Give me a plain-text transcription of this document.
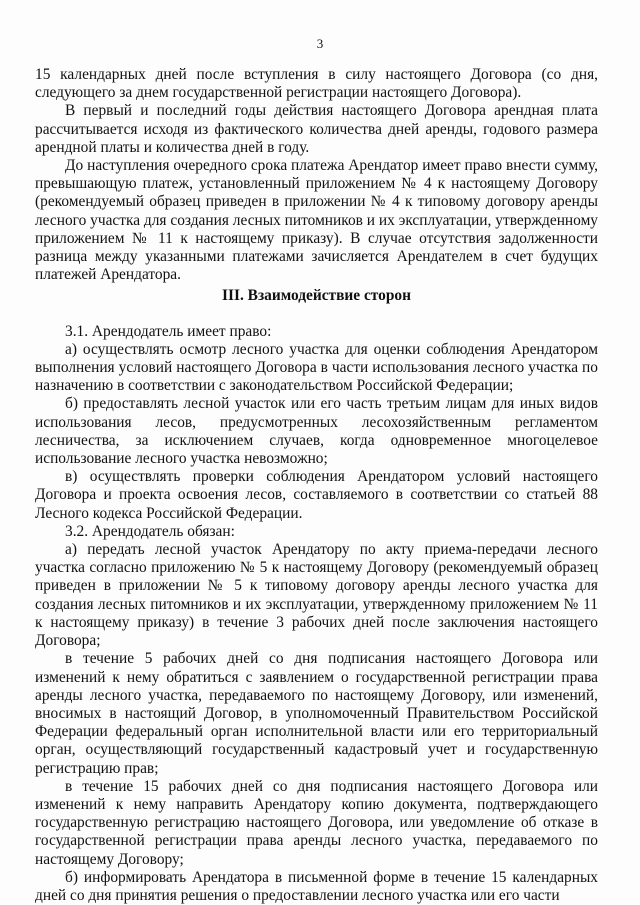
3

15 календарных дней после вступления в силу настоящего Договора (со дня, следующего за днем государственной регистрации настоящего Договора).

В первый и последний годы действия настоящего Договора арендная плата рассчитывается исходя из фактического количества дней аренды, годового размера арендной платы и количества дней в году.

До наступления очередного срока платежа Арендатор имеет право внести сумму, превышающую платеж, установленный приложением № 4 к настоящему Договору (рекомендуемый образец приведен в приложении № 4 к типовому договору аренды лесного участка для создания лесных питомников и их эксплуатации, утвержденному приложением № 11 к настоящему приказу). В случае отсутствия задолженности разница между указанными платежами зачисляется Арендателем в счет будущих платежей Арендатора.

III. Взаимодействие сторон

3.1. Арендодатель имеет право:

а) осуществлять осмотр лесного участка для оценки соблюдения Арендатором выполнения условий настоящего Договора в части использования лесного участка по назначению в соответствии с законодательством Российской Федерации;

б) предоставлять лесной участок или его часть третьим лицам для иных видов использования лесов, предусмотренных лесохозяйственным регламентом лесничества, за исключением случаев, когда одновременное многоцелевое использование лесного участка невозможно;

в) осуществлять проверки соблюдения Арендатором условий настоящего Договора и проекта освоения лесов, составляемого в соответствии со статьей 88 Лесного кодекса Российской Федерации.

3.2. Арендодатель обязан:

а) передать лесной участок Арендатору по акту приема-передачи лесного участка согласно приложению № 5 к настоящему Договору (рекомендуемый образец приведен в приложении № 5 к типовому договору аренды лесного участка для создания лесных питомников и их эксплуатации, утвержденному приложением № 11 к настоящему приказу) в течение 3 рабочих дней после заключения настоящего Договора;

в течение 5 рабочих дней со дня подписания настоящего Договора или изменений к нему обратиться с заявлением о государственной регистрации права аренды лесного участка, передаваемого по настоящему Договору, или изменений, вносимых в настоящий Договор, в уполномоченный Правительством Российской Федерации федеральный орган исполнительной власти или его территориальный орган, осуществляющий государственный кадастровый учет и государственную регистрацию прав;

в течение 15 рабочих дней со дня подписания настоящего Договора или изменений к нему направить Арендатору копию документа, подтверждающего государственную регистрацию настоящего Договора, или уведомление об отказе в государственной регистрации права аренды лесного участка, передаваемого по настоящему Договору;

б) информировать Арендатора в письменной форме в течение 15 календарных дней со дня принятия решения о предоставлении лесного участка или его части
